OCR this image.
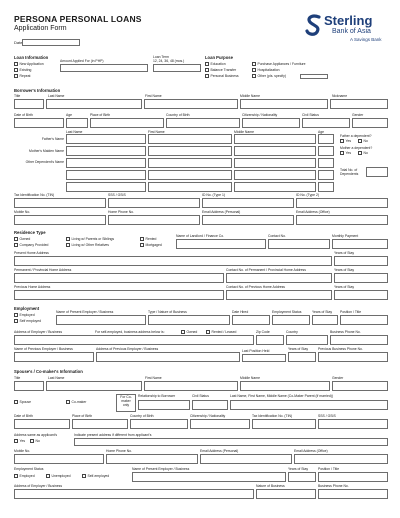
PERSONA PERSONAL LOANS
Application Form
Date
Sterling
Bank of Asia
A Savings Bank
Loan Information
Amount Applied For (in PHP)
Loan Term
12, 24, 36, 48 (mos.)
New Application
Existing
Repeat
Loan Purpose
Education
Balance Transfer
Personal Business
Purchase Appliances / Furniture
Hospitalization
Other (pls. specify)
Borrower's Information
Title	Last Name	First Name	Middle Name	Nickname
Date of Birth	Age	Place of Birth	Country of Birth	Citizenship / Nationality	Civil Status	Gender
Last Name	First Name	Middle Name	Age
Father's Name
Mother's Maiden Name
Other Dependent's Name
Father a dependent?
Yes	No
Mother a dependent?
Yes	No
Total No. of Dependents
Tax Identification No. (TIN)	SSS / GSIS	ID No. (Type 1)	ID No. (Type 2)
Mobile No.	Home Phone No.	Email Address (Personal)	Email Address (Office)
Residence Type
Owned
Company Provided
Living w/ Parents or Siblings
Living w/ Other Relatives
Rented
Mortgaged
Name of Landlord / Finance Co.	Contact No.	Monthly Payment
Present Home Address	Years of Stay
Permanent / Provincial Home Address	Contact No. of Permanent / Provincial Home Address	Years of Stay
Previous Home Address	Contact No. of Previous Home Address	Years of Stay
Employment
Employed
Self employed
Name of Present Employer / Business	Type / Nature of Business	Date Hired	Employment Status	Years of Stay Position / Title
Address of Employer / Business	For self-employed, business address below is:	Owned	Rented / Leased	Zip Code	Country	Business Phone No.
Name of Previous Employer / Business	Address of Previous Employer / Business	Last Position Held	Years of Stay	Previous Business Phone No.
Spouse's / Co-maker's Information
Title	Last Name	First Name	Middle Name	Gender
Spouse	Co-maker
For Co-maker only
Relationship to Borrower	Civil Status	Last Name, First Name, Middle Name (Co-Maker Parent (if married))
Date of Birth	Place of Birth	Country of Birth	Citizenship / Nationality	Tax Identification No. (TIN)	SSS / GSIS
Address same as applicant's	Indicate present address if different from applicant's
Yes	No
Mobile No.	Home Phone No.	Email Address (Personal)	Email Address (Office)
Employment Status	Name of Present Employer / Business	Years of Stay	Position / Title
Employed	Unemployed	Self-employed
Address of Employer / Business	Nature of Business	Business Phone No.
